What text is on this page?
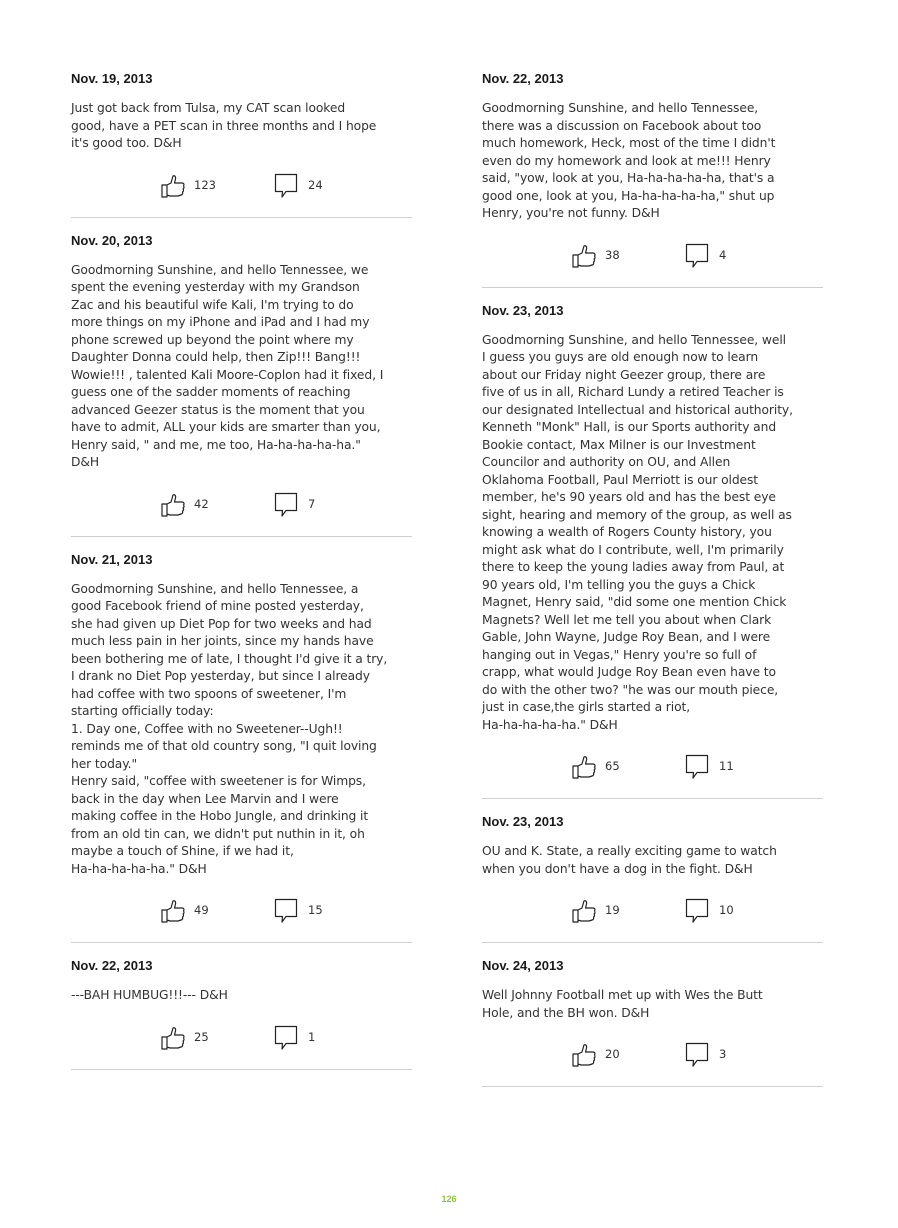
Nov. 19, 2013
Just got back from Tulsa, my CAT scan looked
good, have a PET scan in three months and I hope
it's good too. D&H
123	24
Nov. 20, 2013
Goodmorning Sunshine, and hello Tennessee, we
spent the evening yesterday with my Grandson
Zac and his beautiful wife Kali, I'm trying to do
more things on my iPhone and iPad and I had my
phone screwed up beyond the point where my
Daughter Donna could help, then Zip!!! Bang!!!
Wowie!!! , talented Kali Moore-Coplon had it fixed, I
guess one of the sadder moments of reaching
advanced Geezer status is the moment that you
have to admit, ALL your kids are smarter than you,
Henry said, " and me, me too, Ha-ha-ha-ha-ha."
D&H
42	7
Nov. 21, 2013
Goodmorning Sunshine, and hello Tennessee, a
good Facebook friend of mine posted yesterday,
she had given up Diet Pop for two weeks and had
much less pain in her joints, since my hands have
been bothering me of late, I thought I'd give it a try,
I drank no Diet Pop yesterday, but since I already
had coffee with two spoons of sweetener, I'm
starting officially today:
1. Day one, Coffee with no Sweetener--Ugh!!
reminds me of that old country song, "I quit loving
her today."
Henry said, "coffee with sweetener is for Wimps,
back in the day when Lee Marvin and I were
making coffee in the Hobo Jungle, and drinking it
from an old tin can, we didn't put nuthin in it, oh
maybe a touch of Shine, if we had it,
Ha-ha-ha-ha-ha." D&H
49	15
Nov. 22, 2013
---BAH HUMBUG!!!--- D&H
25	1
Nov. 22, 2013
Goodmorning Sunshine, and hello Tennessee,
there was a discussion on Facebook about too
much homework, Heck, most of the time I didn't
even do my homework and look at me!!! Henry
said, "yow, look at you, Ha-ha-ha-ha-ha, that's a
good one, look at you, Ha-ha-ha-ha-ha," shut up
Henry, you're not funny. D&H
38	4
Nov. 23, 2013
Goodmorning Sunshine, and hello Tennessee, well
I guess you guys are old enough now to learn
about our Friday night Geezer group, there are
five of us in all, Richard Lundy a retired Teacher is
our designated Intellectual and historical authority,
Kenneth "Monk" Hall, is our Sports authority and
Bookie contact, Max Milner is our Investment
Councilor and authority on OU, and Allen
Oklahoma Football, Paul Merriott is our oldest
member, he's 90 years old and has the best eye
sight, hearing and memory of the group, as well as
knowing a wealth of Rogers County history, you
might ask what do I contribute, well, I'm primarily
there to keep the young ladies away from Paul, at
90 years old, I'm telling you the guys a Chick
Magnet, Henry said, "did some one mention Chick
Magnets? Well let me tell you about when Clark
Gable, John Wayne, Judge Roy Bean, and I were
hanging out in Vegas," Henry you're so full of
crapp, what would Judge Roy Bean even have to
do with the other two? "he was our mouth piece,
just in case,the girls started a riot,
Ha-ha-ha-ha-ha." D&H
65	11
Nov. 23, 2013
OU and K. State, a really exciting game to watch
when you don't have a dog in the fight. D&H
19	10
Nov. 24, 2013
Well Johnny Football met up with Wes the Butt
Hole, and the BH won. D&H
20	3
126
